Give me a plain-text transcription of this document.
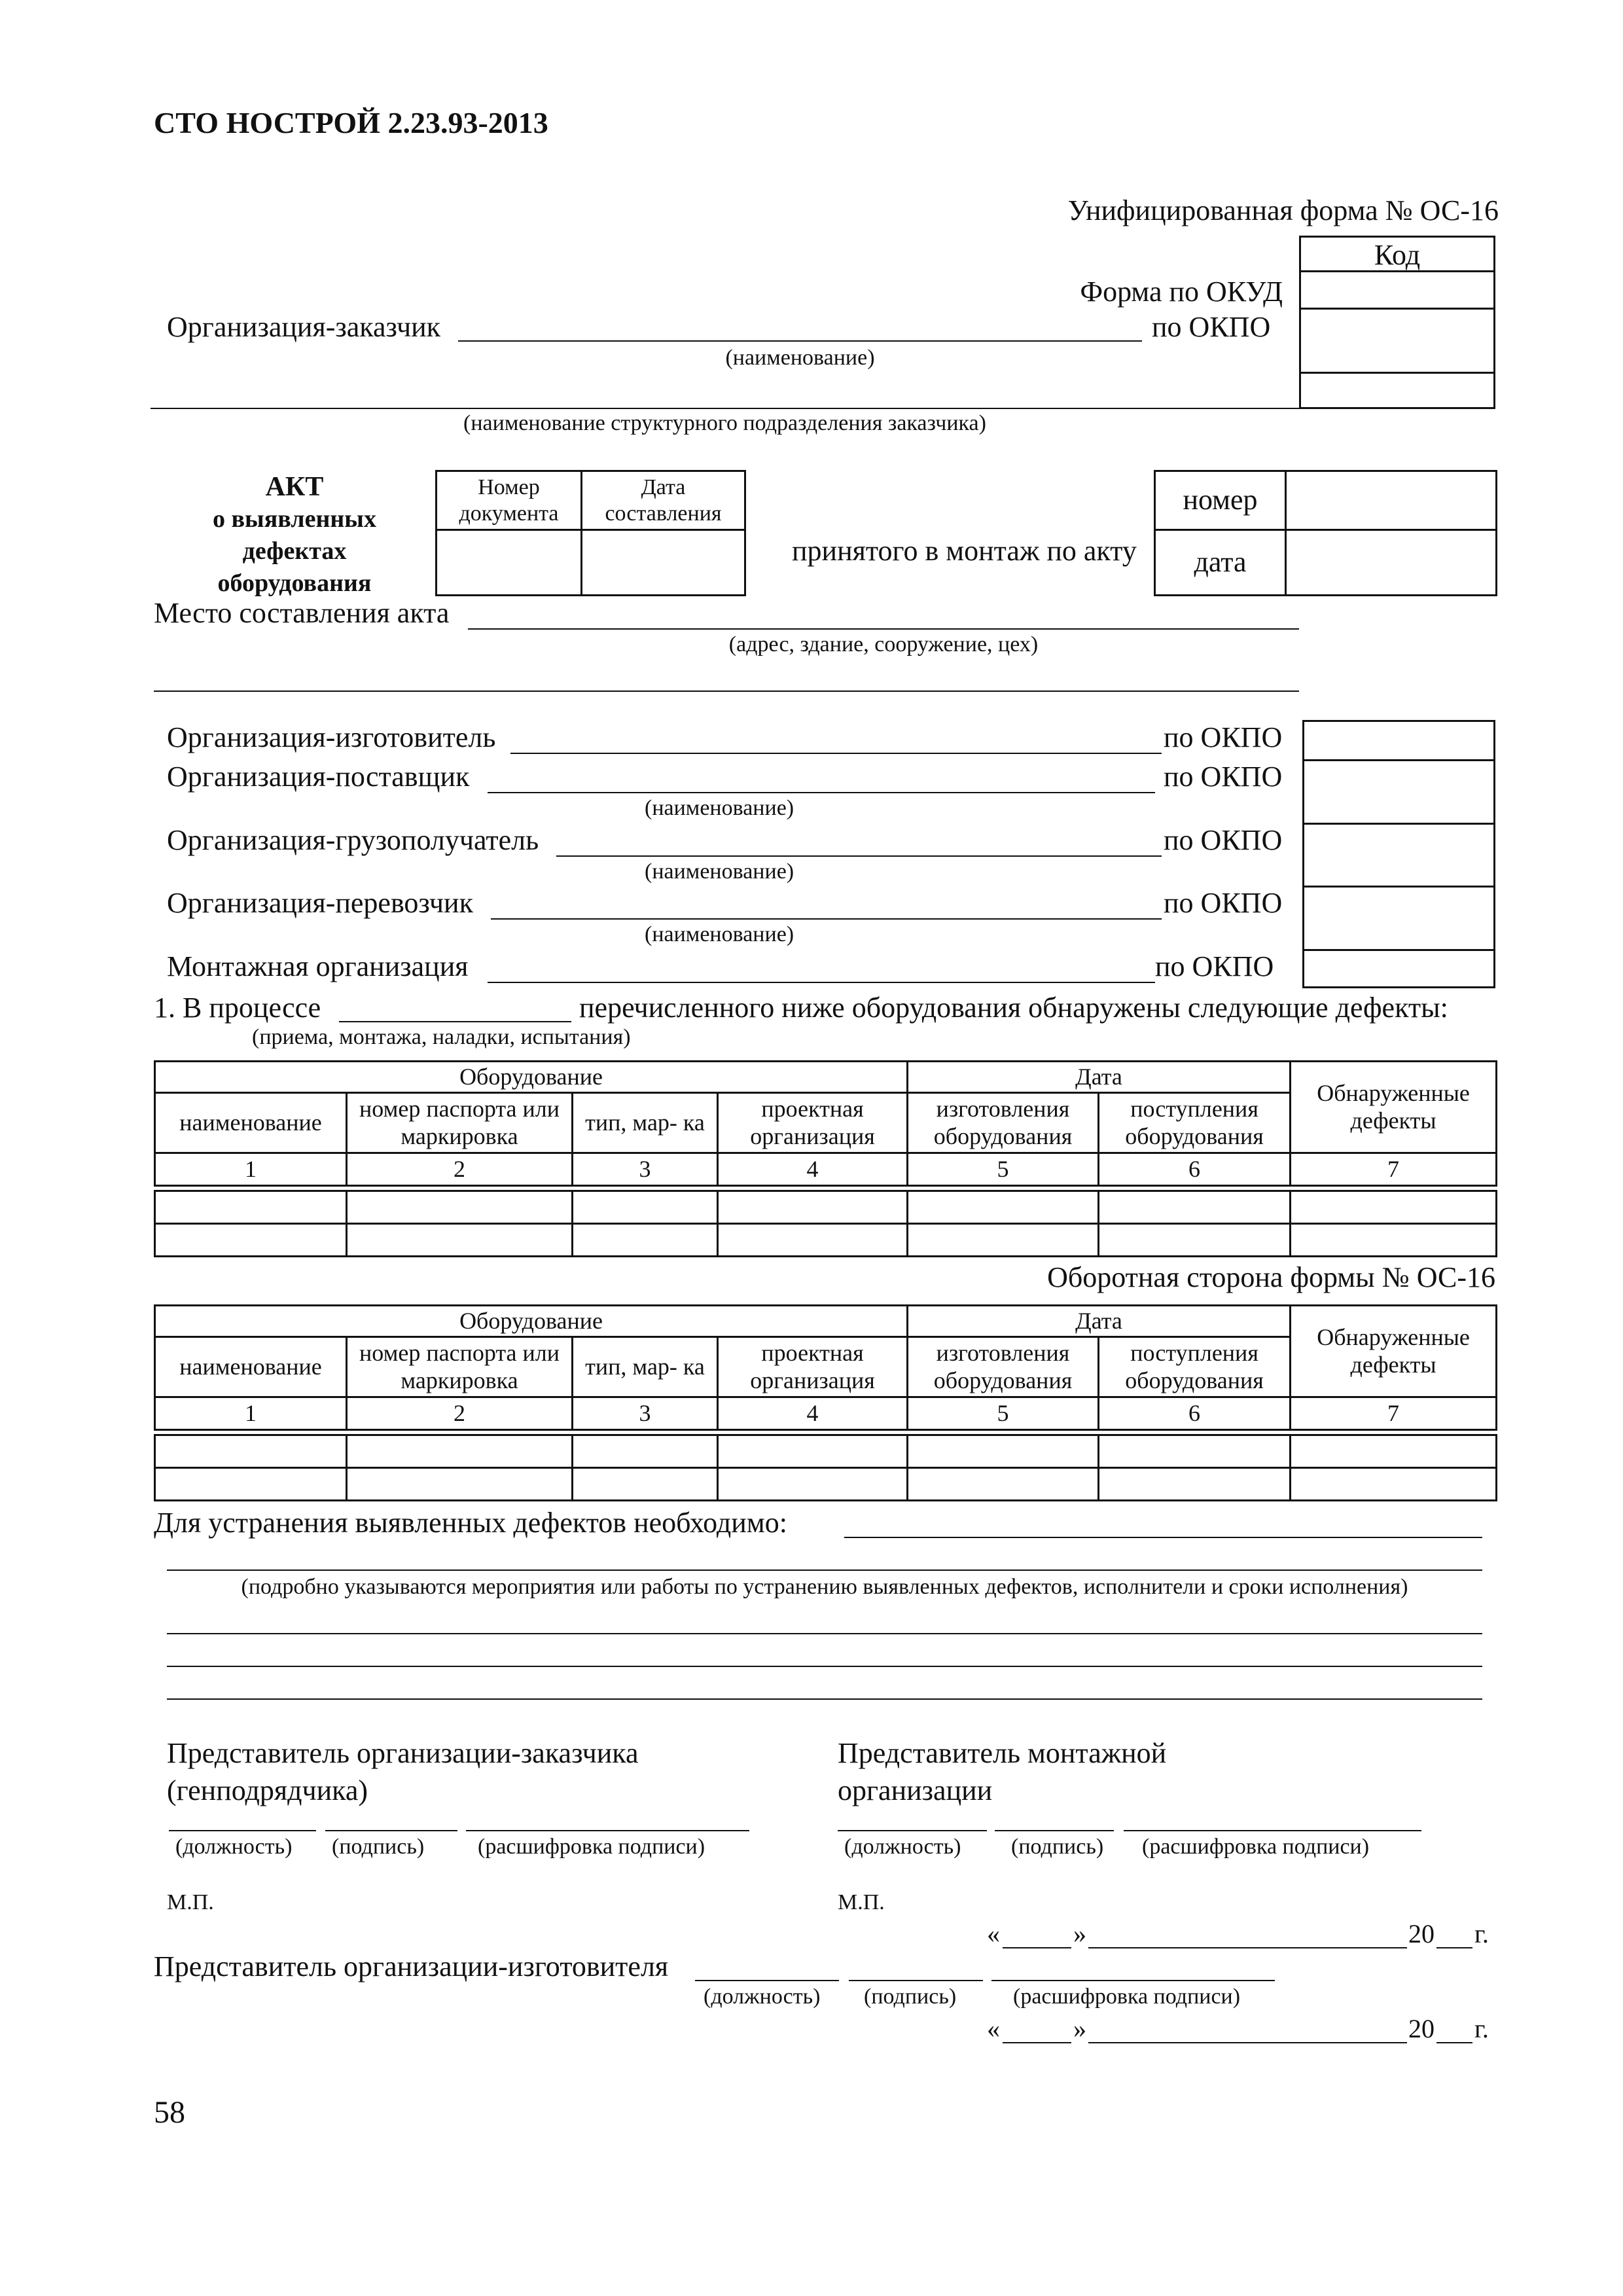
СТО НОСТРОЙ 2.23.93-2013
Унифицированная форма № ОС-16
Код
Форма по ОКУД
Организация-заказчик	по ОКПО
(наименование)
(наименование структурного подразделения заказчика)
АКТ
о выявленных
дефектах
оборудования
Номер документа	Дата составления

принятого в монтаж по акту
номер	
дата	
Место составления акта
(адрес, здание, сооружение, цех)
Организация-изготовитель	по ОКПО
Организация-поставщик	по ОКПО
(наименование)
Организация-грузополучатель	по ОКПО
(наименование)
Организация-перевозчик	по ОКПО
(наименование)
Монтажная организация	по ОКПО
1. В процессе	перечисленного ниже оборудования обнаружены следующие дефекты:
(приема, монтажа, наладки, испытания)
Оборудование				Дата		Обнаруженные дефекты
наименование	номер паспорта или маркировка	тип, мар- ка	проектная организация	изготовления оборудования	поступления оборудования	
1	2	3	4	5	6	7

Оборотная сторона формы № ОС-16
Оборудование				Дата		Обнаруженные дефекты
наименование	номер паспорта или маркировка	тип, мар- ка	проектная организация	изготовления оборудования	поступления оборудования	
1	2	3	4	5	6	7

Для устранения выявленных дефектов необходимо:
(подробно указываются мероприятия или работы по устранению выявленных дефектов, исполнители и сроки исполнения)
Представитель организации-заказчика
(генподрядчика)
(должность) (подпись) (расшифровка подписи)
М.П.
Представитель монтажной
организации
(должность) (подпись) (расшифровка подписи)
М.П.
«	»	20 г.
Представитель организации-изготовителя
(должность) (подпись)	(расшифровка подписи)
«	»	20 г.
58
